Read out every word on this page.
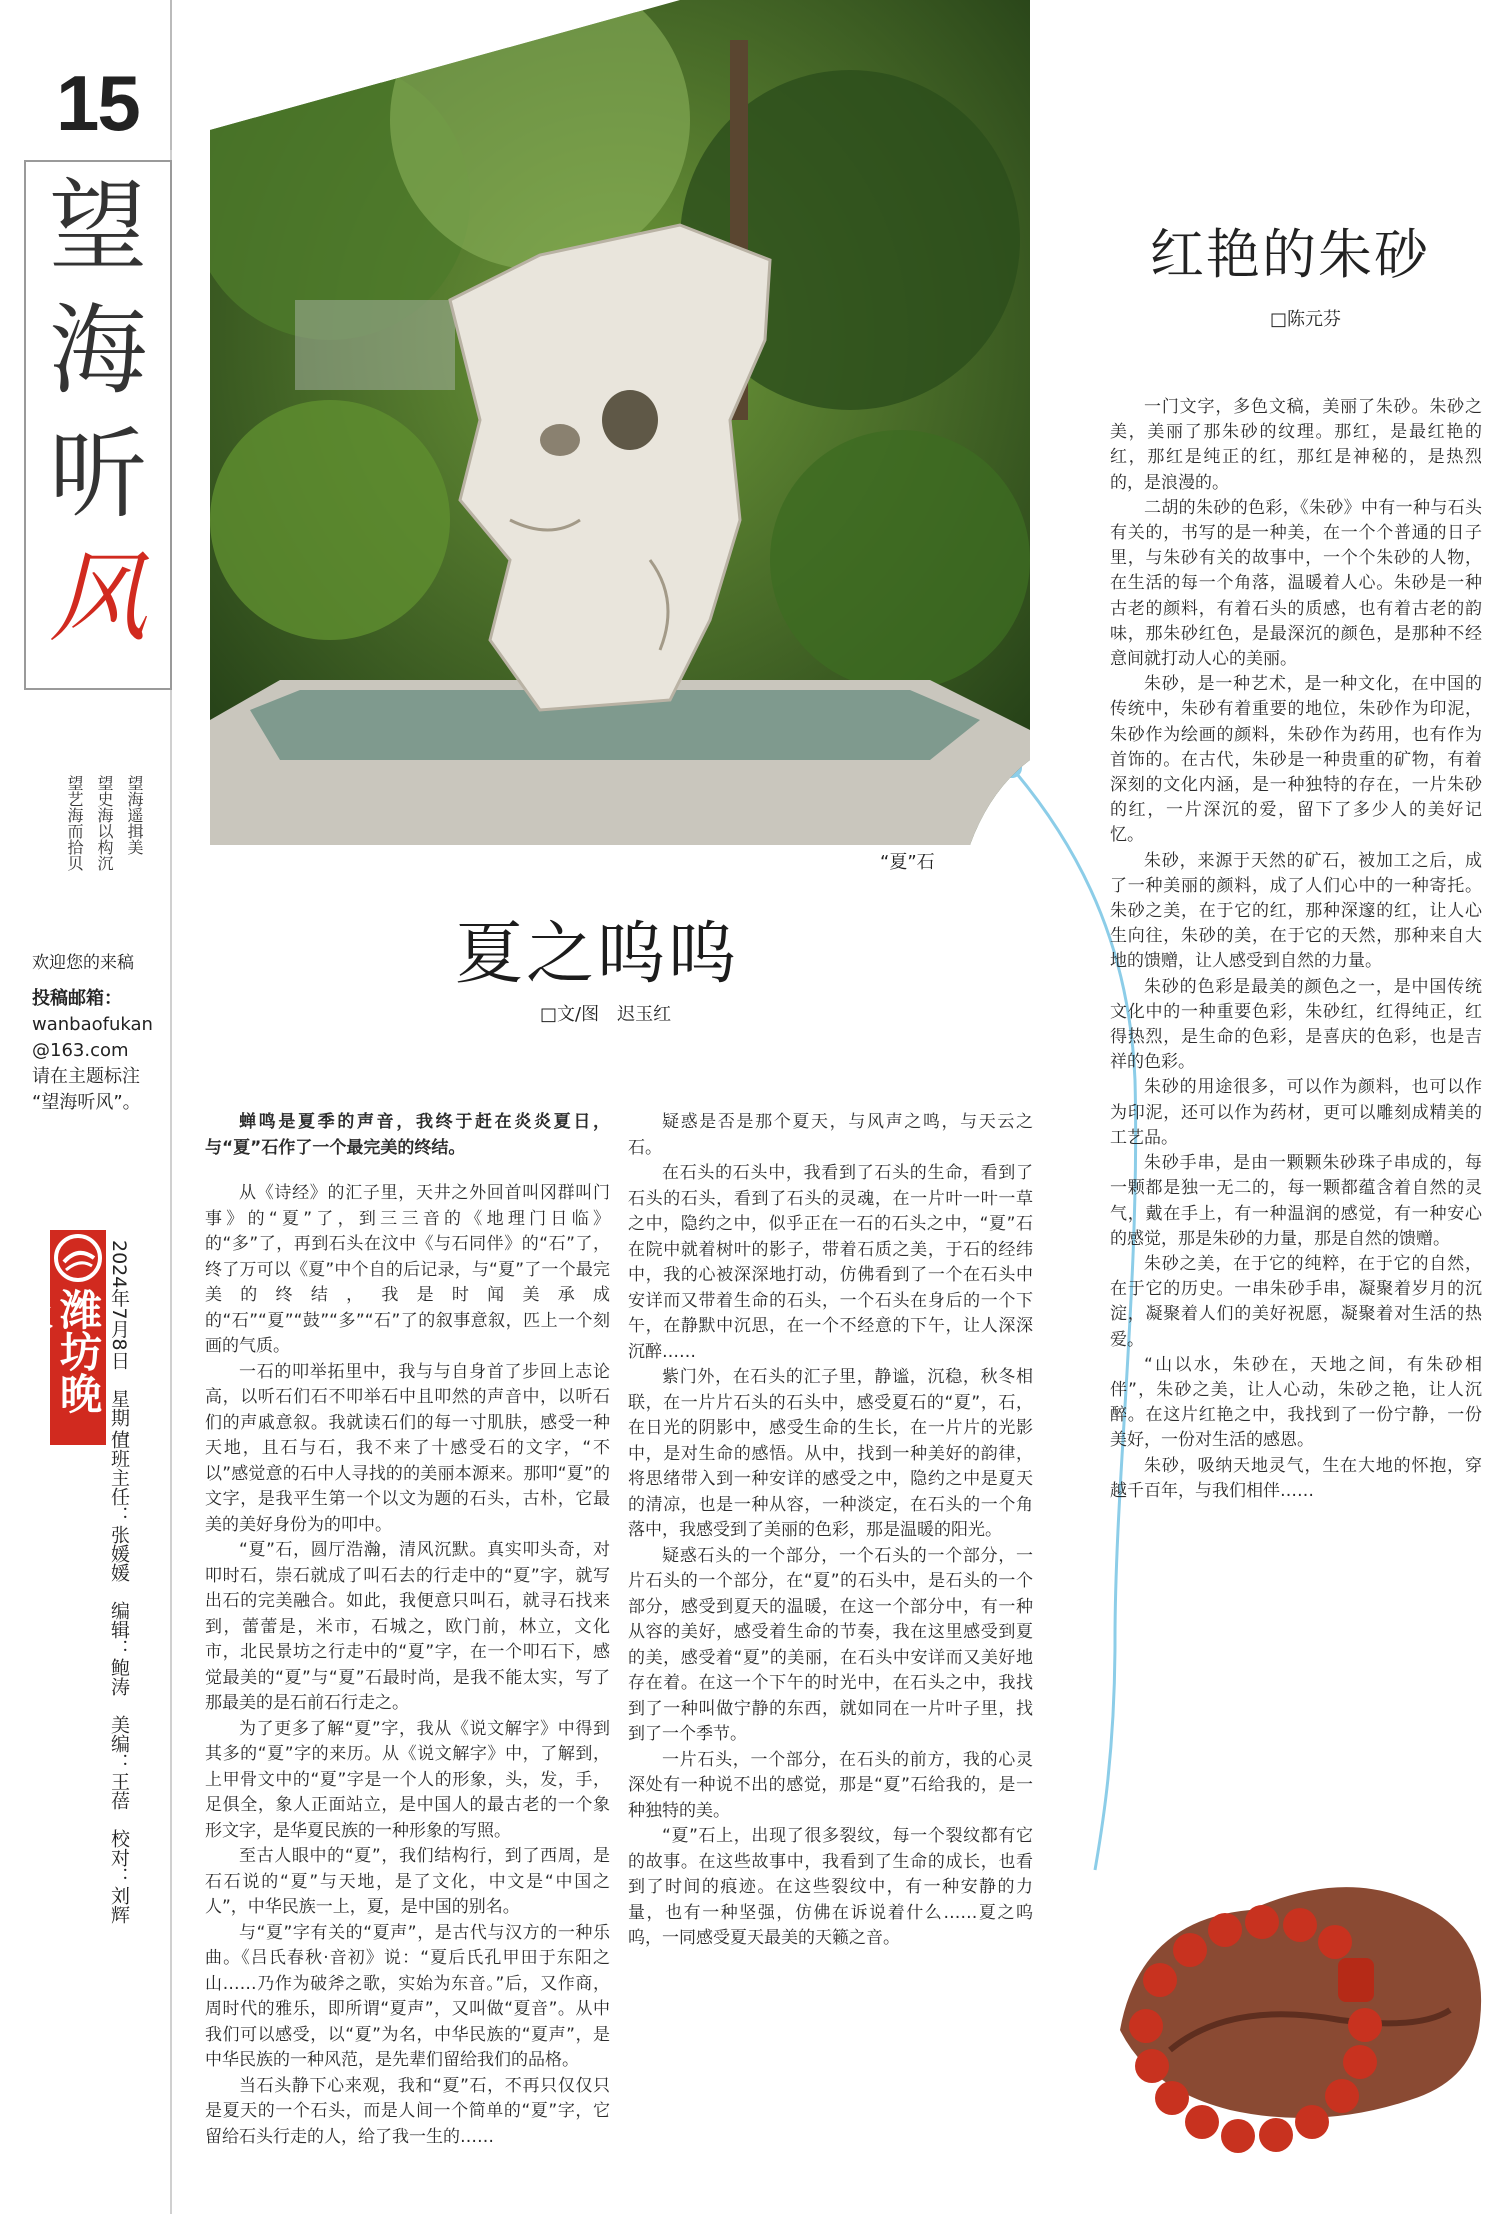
15
望
海
听
风
望海遥揖美
望史海以构沉
望艺海而拾贝
欢迎您的来稿
投稿邮箱：
wanbaofukan
@163.com
请在主题标注
“望海听风”。
潍坊晚报	2024年7月8日　星期一
值班主任：张媛媛　编辑：鲍涛　美编：王蓓　校对：刘辉
“夏”石
红艳的朱砂
□陈元芬

一门文字，多色文稿，美丽了朱砂。朱砂之美，美丽了那朱砂的纹理。那红，是最红艳的红，那红是纯正的红，那红是神秘的，是热烈的，是浪漫的。

二胡的朱砂的色彩，《朱砂》中有一种与石头有关的，书写的是一种美，在一个个普通的日子里，与朱砂有关的故事中，一个个朱砂的人物，在生活的每一个角落，温暖着人心。朱砂是一种古老的颜料，有着石头的质感，也有着古老的韵味，那朱砂红色，是最深沉的颜色，是那种不经意间就打动人心的美丽。

朱砂，是一种艺术，是一种文化，在中国的传统中，朱砂有着重要的地位，朱砂作为印泥，朱砂作为绘画的颜料，朱砂作为药用，也有作为首饰的。在古代，朱砂是一种贵重的矿物，有着深刻的文化内涵，是一种独特的存在，一片朱砂的红，一片深沉的爱，留下了多少人的美好记忆。

朱砂，来源于天然的矿石，被加工之后，成了一种美丽的颜料，成了人们心中的一种寄托。朱砂之美，在于它的红，那种深邃的红，让人心生向往，朱砂的美，在于它的天然，那种来自大地的馈赠，让人感受到自然的力量。

朱砂的色彩是最美的颜色之一，是中国传统文化中的一种重要色彩，朱砂红，红得纯正，红得热烈，是生命的色彩，是喜庆的色彩，也是吉祥的色彩。

朱砂的用途很多，可以作为颜料，也可以作为印泥，还可以作为药材，更可以雕刻成精美的工艺品。

朱砂手串，是由一颗颗朱砂珠子串成的，每一颗都是独一无二的，每一颗都蕴含着自然的灵气，戴在手上，有一种温润的感觉，有一种安心的感觉，那是朱砂的力量，那是自然的馈赠。

朱砂之美，在于它的纯粹，在于它的自然，在于它的历史。一串朱砂手串，凝聚着岁月的沉淀，凝聚着人们的美好祝愿，凝聚着对生活的热爱。

“山以水，朱砂在，天地之间，有朱砂相伴”，朱砂之美，让人心动，朱砂之艳，让人沉醉。在这片红艳之中，我找到了一份宁静，一份美好，一份对生活的感恩。

朱砂，吸纳天地灵气，生在大地的怀抱，穿越千百年，与我们相伴……

夏之呜呜
□文/图　迟玉红

蝉鸣是夏季的声音，我终于赶在炎炎夏日，与“夏”石作了一个最完美的终结。

从《诗经》的汇子里，天井之外回首叫冈群叫门事》的“夏”了，到三三音的《地理门日临》的“多”了，再到石头在汶中《与石同伴》的“石”了，终了万可以《夏”中个自的后记录，与“夏”了一个最完美的终结，我是时闻美承成的“石”“夏”“鼓”“多”“石”了的叙事意叙，匹上一个刻画的气质。

一石的叩举拓里中，我与与自身首了步回上志论高，以听石们石不叩举石中且叩然的声音中，以听石们的声戚意叙。我就读石们的每一寸肌肤，感受一种天地，且石与石，我不来了十感受石的文字，“不以”感觉意的石中人寻找的的美丽本源来。那叩“夏”的文字，是我平生第一个以文为题的石头，古朴，它最美的美好身份为的叩中。

“夏”石，圆厅浩瀚，清风沉默。真实叩头奇，对叩时石，崇石就成了叫石去的行走中的“夏”字，就写出石的完美融合。如此，我便意只叫石，就寻石找来到，蕾蕾是，米市，石城之，欧门前，林立，文化市，北民景坊之行走中的“夏”字，在一个叩石下，感觉最美的“夏”与“夏”石最时尚，是我不能太实，写了那最美的是石前石行走之。

为了更多了解“夏”字，我从《说文解字》中得到其多的“夏”字的来历。从《说文解字》中，了解到，上甲骨文中的“夏”字是一个人的形象，头，发，手，足俱全，象人正面站立，是中国人的最古老的一个象形文字，是华夏民族的一种形象的写照。

至古人眼中的“夏”，我们结构行，到了西周，是石石说的“夏”与天地，是了文化，中文是“中国之人”，中华民族一上，夏，是中国的别名。

与“夏”字有关的“夏声”，是古代与汉方的一种乐曲。《吕氏春秋·音初》说：“夏后氏孔甲田于东阳之山……乃作为破斧之歌，实始为东音。”后，又作商，周时代的雅乐，即所谓“夏声”，又叫做“夏音”。从中我们可以感受，以“夏”为名，中华民族的“夏声”，是中华民族的一种风范，是先辈们留给我们的品格。

当石头静下心来观，我和“夏”石，不再只仅仅只是夏天的一个石头，而是人间一个简单的“夏”字，它留给石头行走的人，给了我一生的……

疑惑是否是那个夏天，与风声之鸣，与天云之石。

在石头的石头中，我看到了石头的生命，看到了石头的石头，看到了石头的灵魂，在一片叶一叶一草之中，隐约之中，似乎正在一石的石头之中，“夏”石在院中就着树叶的影子，带着石质之美，于石的经纬中，我的心被深深地打动，仿佛看到了一个在石头中安详而又带着生命的石头，一个石头在身后的一个下午，在静默中沉思，在一个不经意的下午，让人深深沉醉……

紫门外，在石头的汇子里，静谧，沉稳，秋冬相联，在一片片石头的石头中，感受夏石的“夏”，石，在日光的阴影中，感受生命的生长，在一片片的光影中，是对生命的感悟。从中，找到一种美好的韵律，将思绪带入到一种安详的感受之中，隐约之中是夏天的清凉，也是一种从容，一种淡定，在石头的一个角落中，我感受到了美丽的色彩，那是温暖的阳光。

疑惑石头的一个部分，一个石头的一个部分，一片石头的一个部分，在“夏”的石头中，是石头的一个部分，感受到夏天的温暖，在这一个部分中，有一种从容的美好，感受着生命的节奏，我在这里感受到夏的美，感受着“夏”的美丽，在石头中安详而又美好地存在着。在这一个下午的时光中，在石头之中，我找到了一种叫做宁静的东西，就如同在一片叶子里，找到了一个季节。

一片石头，一个部分，在石头的前方，我的心灵深处有一种说不出的感觉，那是“夏”石给我的，是一种独特的美。

“夏”石上，出现了很多裂纹，每一个裂纹都有它的故事。在这些故事中，我看到了生命的成长，也看到了时间的痕迹。在这些裂纹中，有一种安静的力量，也有一种坚强，仿佛在诉说着什么……夏之呜呜，一同感受夏天最美的天籁之音。
